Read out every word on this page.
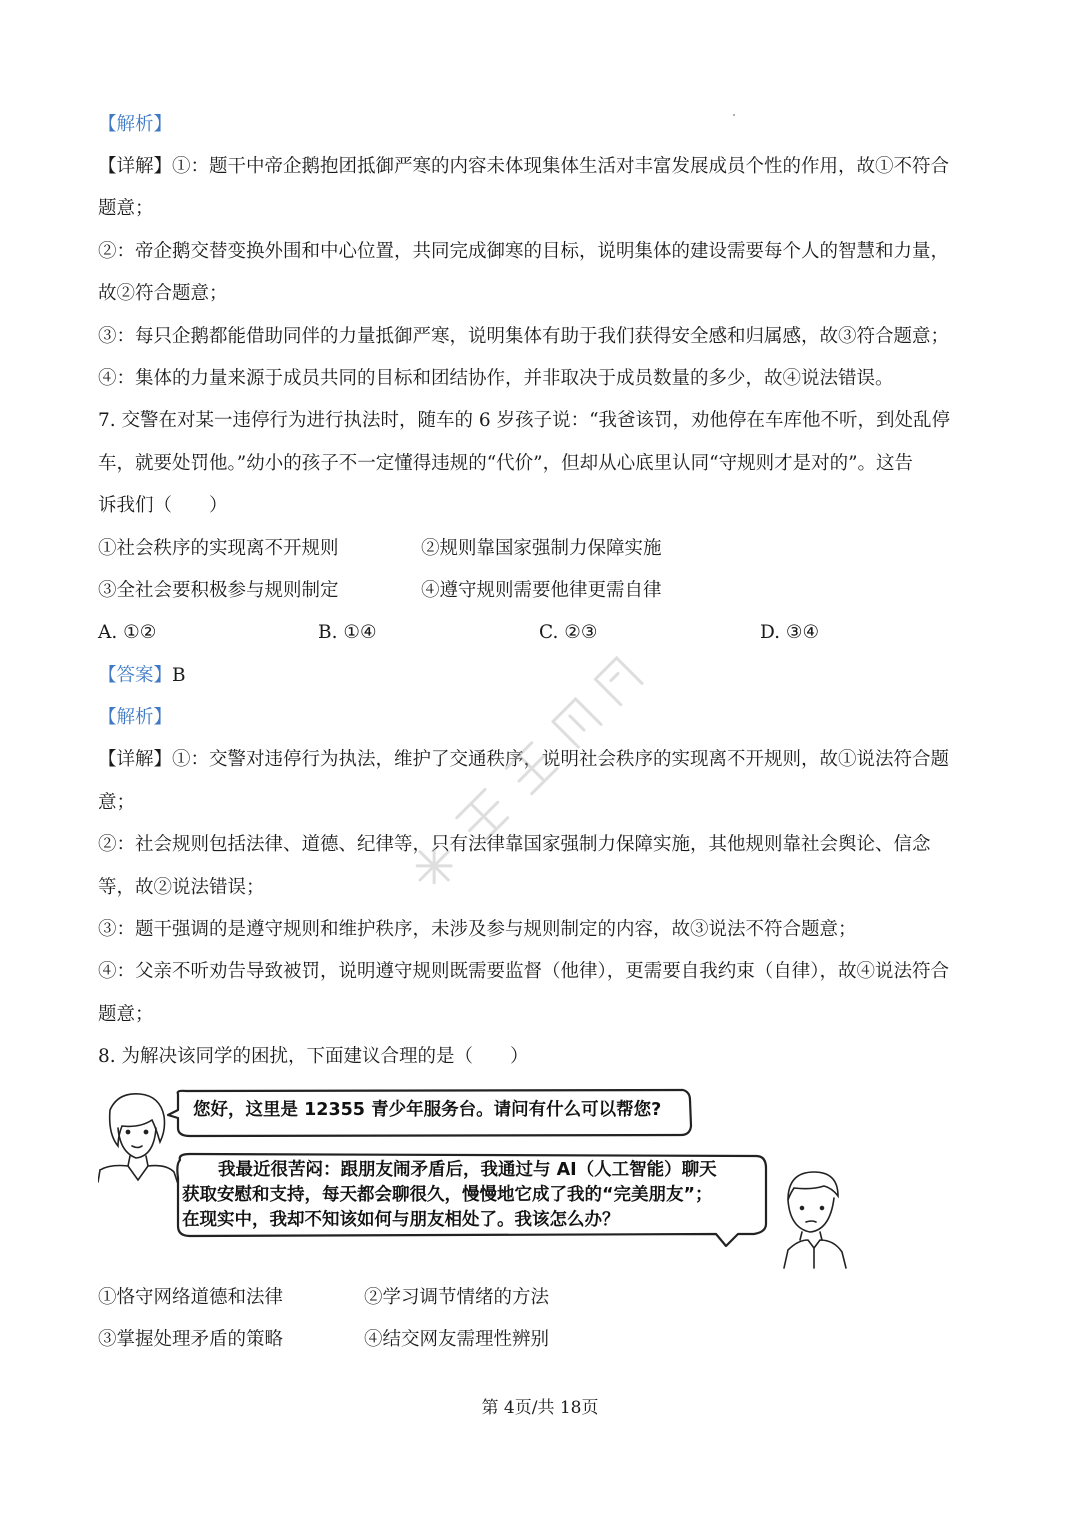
【解析】
【详解】①：题干中帝企鹅抱团抵御严寒的内容未体现集体生活对丰富发展成员个性的作用，故①不符合
题意；
②：帝企鹅交替变换外围和中心位置，共同完成御寒的目标，说明集体的建设需要每个人的智慧和力量，
故②符合题意；
③：每只企鹅都能借助同伴的力量抵御严寒，说明集体有助于我们获得安全感和归属感，故③符合题意；
④：集体的力量来源于成员共同的目标和团结协作，并非取决于成员数量的多少，故④说法错误。
7. 交警在对某一违停行为进行执法时，随车的 6 岁孩子说：“我爸该罚，劝他停在车库他不听，到处乱停
车，就要处罚他。”幼小的孩子不一定懂得违规的“代价”，但却从心底里认同“守规则才是对的”。这告
诉我们（　　）
①社会秩序的实现离不开规则	②规则靠国家强制力保障实施
③全社会要积极参与规则制定	④遵守规则需要他律更需自律
A. ①②	B. ①④	C. ②③	D. ③④
【答案】B
【解析】
【详解】①：交警对违停行为执法，维护了交通秩序，说明社会秩序的实现离不开规则，故①说法符合题
意；
②：社会规则包括法律、道德、纪律等，只有法律靠国家强制力保障实施，其他规则靠社会舆论、信念
等，故②说法错误；
③：题干强调的是遵守规则和维护秩序，未涉及参与规则制定的内容，故③说法不符合题意；
④：父亲不听劝告导致被罚，说明遵守规则既需要监督（他律），更需要自我约束（自律），故④说法符合
题意；
8. 为解决该同学的困扰，下面建议合理的是（　　）
您好，这里是 12355 青少年服务台。请问有什么可以帮您?
我最近很苦闷：跟朋友闹矛盾后，我通过与 AI（人工智能）聊天
获取安慰和支持，每天都会聊很久，慢慢地它成了我的“完美朋友”；
在现实中，我却不知该如何与朋友相处了。我该怎么办？
①恪守网络道德和法律	②学习调节情绪的方法
③掌握处理矛盾的策略	④结交网友需理性辨别
第 4页/共 18页
